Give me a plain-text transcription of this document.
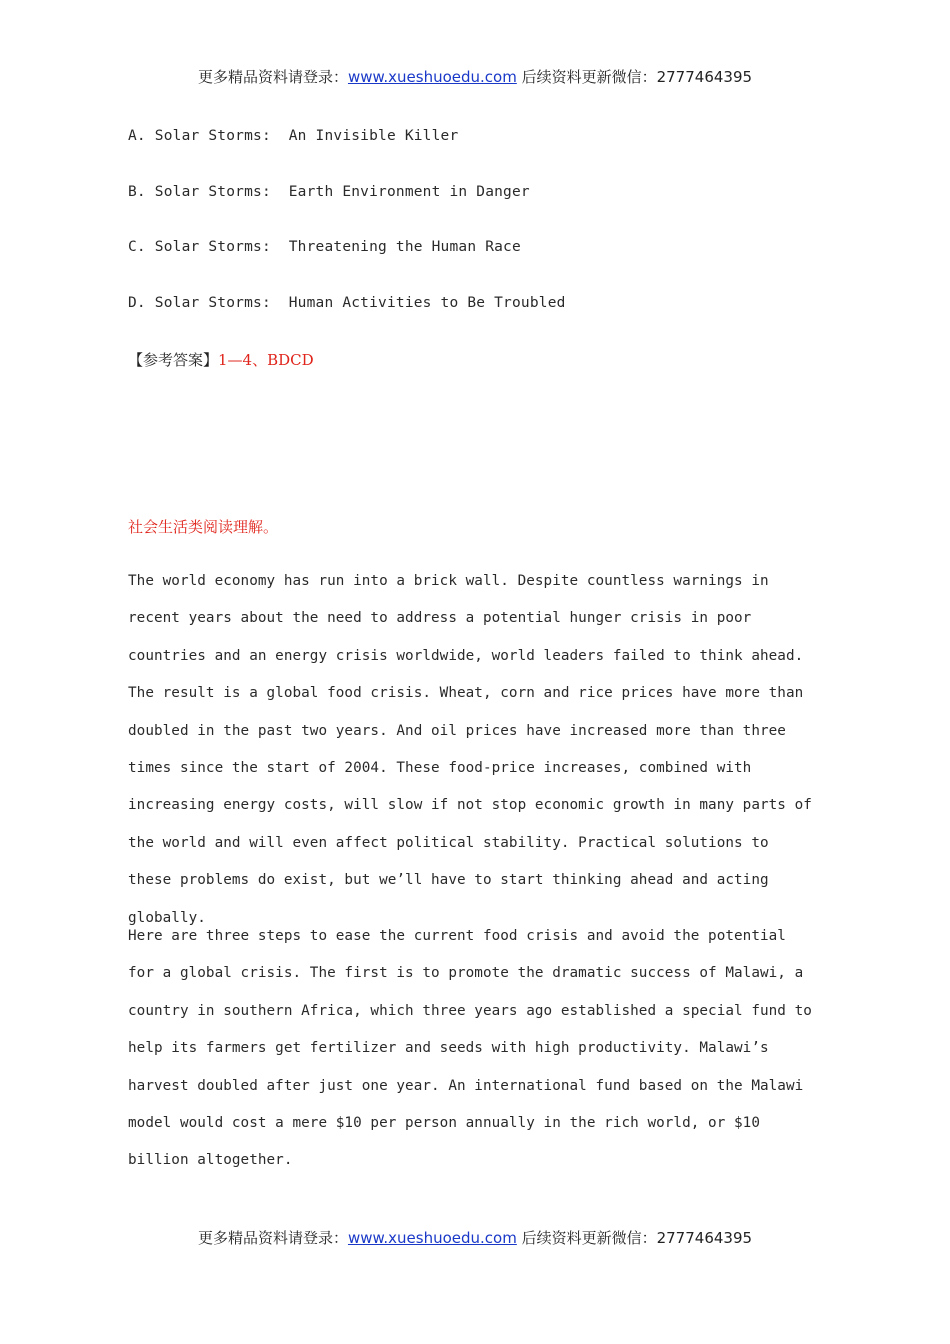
更多精品资料请登录：www.xueshuoedu.com 后续资料更新微信：2777464395
A. Solar Storms:  An Invisible Killer
B. Solar Storms:  Earth Environment in Danger
C. Solar Storms:  Threatening the Human Race
D. Solar Storms:  Human Activities to Be Troubled
【参考答案】1—4、BDCD
社会生活类阅读理解。
The world economy has run into a brick wall. Despite countless warnings in recent years about the need to address a potential hunger crisis in poor countries and an energy crisis worldwide, world leaders failed to think ahead. The result is a global food crisis. Wheat, corn and rice prices have more than doubled in the past two years. And oil prices have increased more than three times since the start of 2004. These food-price increases, combined with increasing energy costs, will slow if not stop economic growth in many parts of the world and will even affect political stability. Practical solutions to these problems do exist, but we’ll have to start thinking ahead and acting globally.
Here are three steps to ease the current food crisis and avoid the potential for a global crisis. The first is to promote the dramatic success of Malawi, a country in southern Africa, which three years ago established a special fund to help its farmers get fertilizer and seeds with high productivity. Malawi’s harvest doubled after just one year. An international fund based on the Malawi model would cost a mere $10 per person annually in the rich world, or $10 billion altogether.
更多精品资料请登录：www.xueshuoedu.com 后续资料更新微信：2777464395
